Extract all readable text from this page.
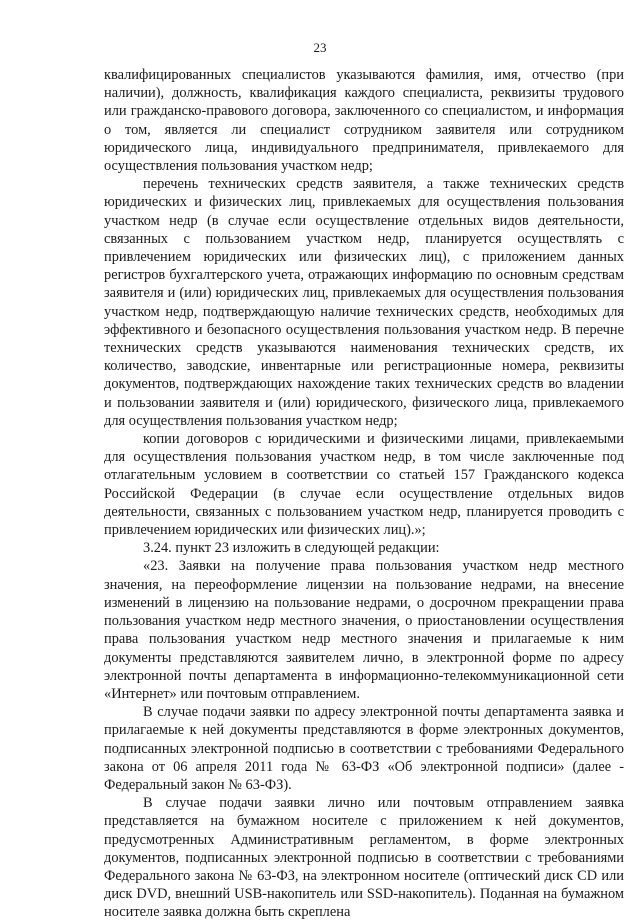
23

квалифицированных специалистов указываются фамилия, имя, отчество (при наличии), должность, квалификация каждого специалиста, реквизиты трудового или гражданско-правового договора, заключенного со специалистом, и информация о том, является ли специалист сотрудником заявителя или сотрудником юридического лица, индивидуального предпринимателя, привлекаемого для осуществления пользования участком недр;

перечень технических средств заявителя, а также технических средств юридических и физических лиц, привлекаемых для осуществления пользования участком недр (в случае если осуществление отдельных видов деятельности, связанных с пользованием участком недр, планируется осуществлять с привлечением юридических или физических лиц), с приложением данных регистров бухгалтерского учета, отражающих информацию по основным средствам заявителя и (или) юридических лиц, привлекаемых для осуществления пользования участком недр, подтверждающую наличие технических средств, необходимых для эффективного и безопасного осуществления пользования участком недр. В перечне технических средств указываются наименования технических средств, их количество, заводские, инвентарные или регистрационные номера, реквизиты документов, подтверждающих нахождение таких технических средств во владении и пользовании заявителя и (или) юридического, физического лица, привлекаемого для осуществления пользования участком недр;

копии договоров с юридическими и физическими лицами, привлекаемыми для осуществления пользования участком недр, в том числе заключенные под отлагательным условием в соответствии со статьей 157 Гражданского кодекса Российской Федерации (в случае если осуществление отдельных видов деятельности, связанных с пользованием участком недр, планируется проводить с привлечением юридических или физических лиц).»;

3.24. пункт 23 изложить в следующей редакции:

«23. Заявки на получение права пользования участком недр местного значения, на переоформление лицензии на пользование недрами, на внесение изменений в лицензию на пользование недрами, о досрочном прекращении права пользования участком недр местного значения, о приостановлении осуществления права пользования участком недр местного значения и прилагаемые к ним документы представляются заявителем лично, в электронной форме по адресу электронной почты департамента в информационно-телекоммуникационной сети «Интернет» или почтовым отправлением.

В случае подачи заявки по адресу электронной почты департамента заявка и прилагаемые к ней документы представляются в форме электронных документов, подписанных электронной подписью в соответствии с требованиями Федерального закона от 06 апреля 2011 года № 63-ФЗ «Об электронной подписи» (далее - Федеральный закон № 63-ФЗ).

В случае подачи заявки лично или почтовым отправлением заявка представляется на бумажном носителе с приложением к ней документов, предусмотренных Административным регламентом, в форме электронных документов, подписанных электронной подписью в соответствии с требованиями Федерального закона № 63-ФЗ, на электронном носителе (оптический диск CD или диск DVD, внешний USB-накопитель или SSD-накопитель). Поданная на бумажном носителе заявка должна быть скреплена
